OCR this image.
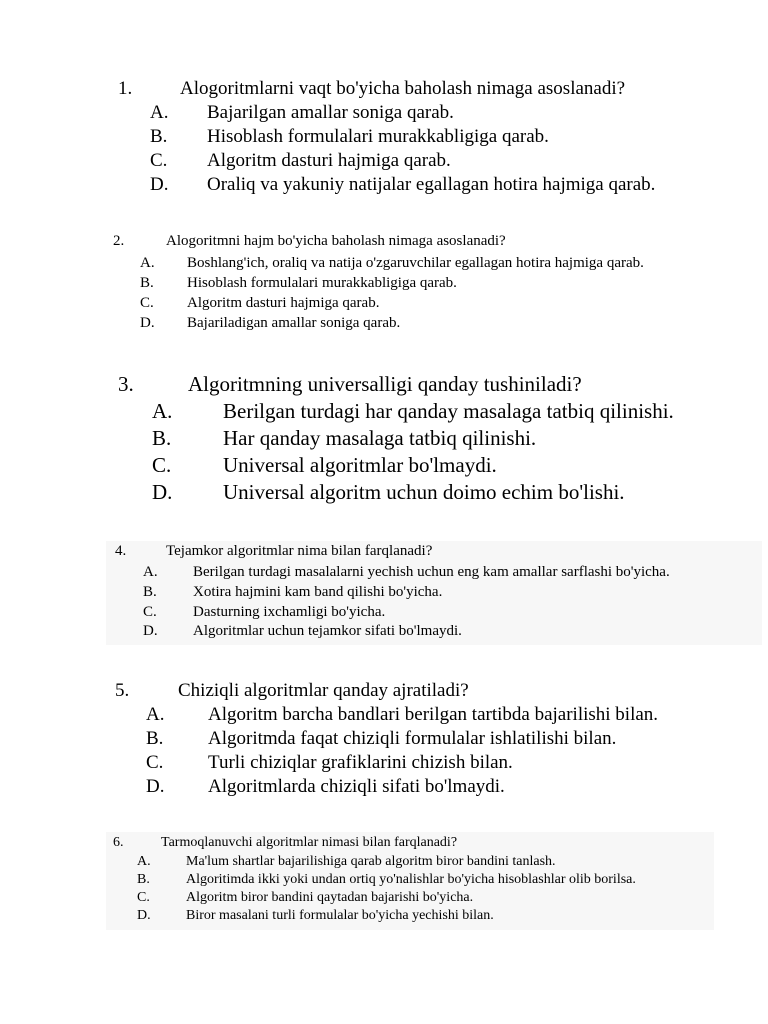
1.	Alogoritmlarni vaqt bo'yicha baholash nimaga asoslanadi?
A. Bajarilgan amallar soniga qarab.
B. Hisoblash formulalari murakkabligiga qarab.
C. Algoritm dasturi hajmiga qarab.
D. Oraliq va yakuniy natijalar egallagan hotira hajmiga qarab.
2.	Alogoritmni hajm bo'yicha baholash nimaga asoslanadi?
A. Boshlang'ich, oraliq va natija o'zgaruvchilar egallagan hotira hajmiga qarab.
B. Hisoblash formulalari murakkabligiga qarab.
C. Algoritm dasturi hajmiga qarab.
D. Bajariladigan amallar soniga qarab.
3.	Algoritmning universalligi qanday tushiniladi?
A. Berilgan turdagi har qanday masalaga tatbiq qilinishi.
B. Har qanday masalaga tatbiq qilinishi.
C. Universal algoritmlar bo'lmaydi.
D. Universal algoritm uchun doimo echim bo'lishi.
4.	Tejamkor algoritmlar nima bilan farqlanadi?
A. Berilgan turdagi masalalarni yechish uchun eng kam amallar sarflashi bo'yicha.
B. Xotira hajmini kam band qilishi bo'yicha.
C. Dasturning ixchamligi bo'yicha.
D. Algoritmlar uchun tejamkor sifati bo'lmaydi.
5.	Chiziqli algoritmlar qanday ajratiladi?
A. Algoritm barcha bandlari berilgan tartibda bajarilishi bilan.
B. Algoritmda faqat chiziqli formulalar ishlatilishi bilan.
C. Turli chiziqlar grafiklarini chizish bilan.
D. Algoritmlarda chiziqli sifati bo'lmaydi.
6.	Tarmoqlanuvchi algoritmlar nimasi bilan farqlanadi?
A.	Ma'lum shartlar bajarilishiga qarab algoritm biror bandini tanlash.
B.	Algoritimda ikki yoki undan ortiq yo'nalishlar bo'yicha hisoblashlar olib borilsa.
C.	Algoritm biror bandini qaytadan bajarishi bo'yicha.
D.	Biror masalani turli formulalar bo'yicha yechishi bilan.
